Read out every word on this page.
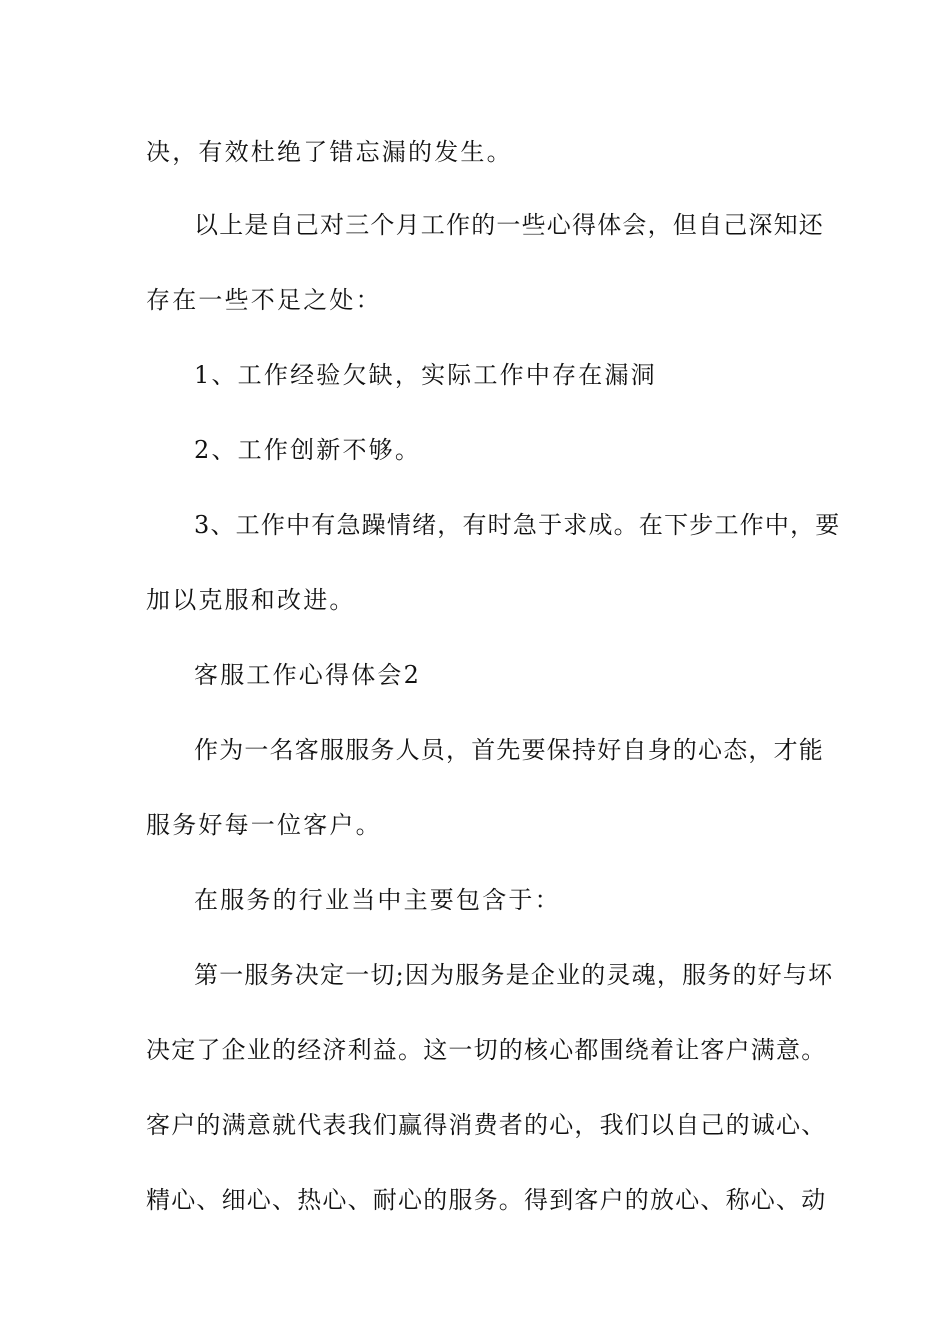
决，有效杜绝了错忘漏的发生。
以上是自己对三个月工作的一些心得体会，但自己深知还
存在一些不足之处：
1、工作经验欠缺，实际工作中存在漏洞
2、工作创新不够。
3、工作中有急躁情绪，有时急于求成。在下步工作中，要
加以克服和改进。
客服工作心得体会2
作为一名客服服务人员，首先要保持好自身的心态，才能
服务好每一位客户。
在服务的行业当中主要包含于：
第一服务决定一切;因为服务是企业的灵魂，服务的好与坏
决定了企业的经济利益。这一切的核心都围绕着让客户满意。
客户的满意就代表我们赢得消费者的心，我们以自己的诚心、
精心、细心、热心、耐心的服务。得到客户的放心、称心、动
